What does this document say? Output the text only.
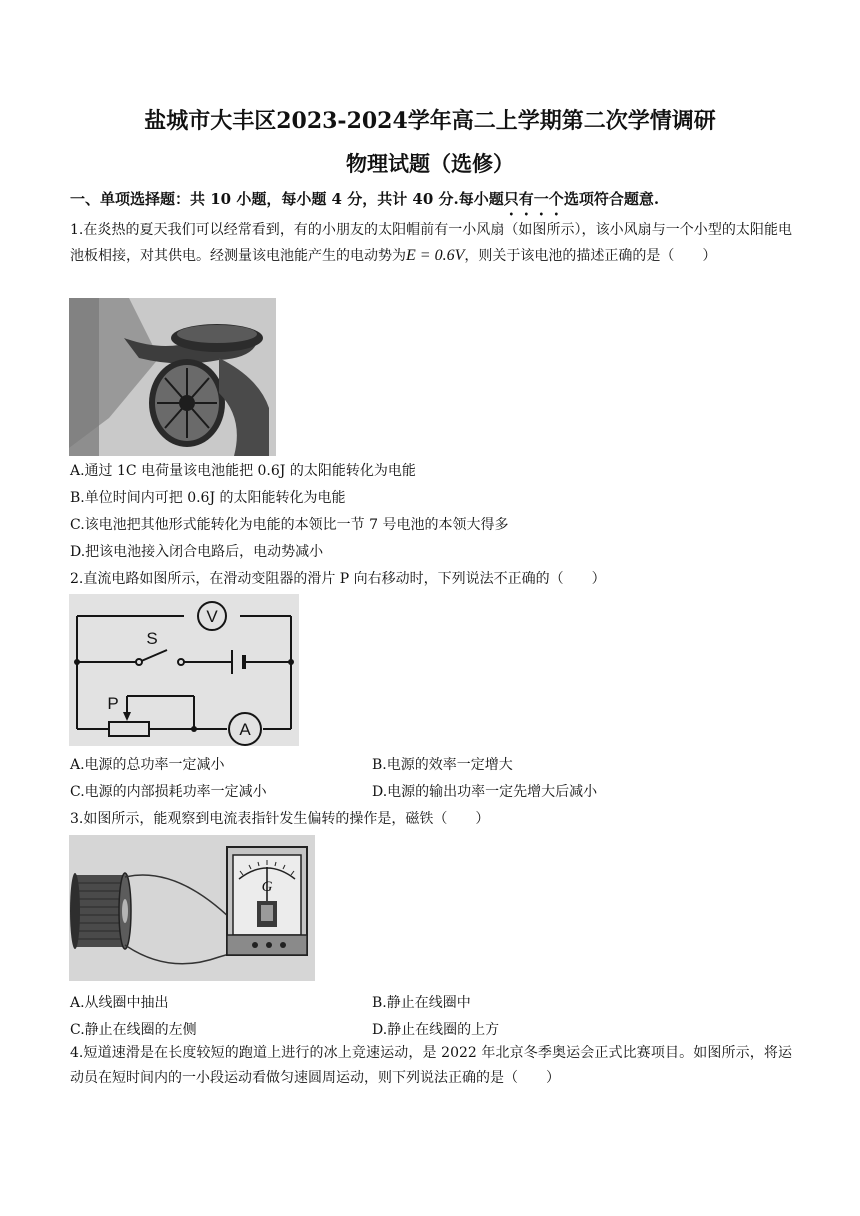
盐城市大丰区2023-2024学年高二上学期第二次学情调研
物理试题（选修）
一、单项选择题：共 10 小题，每小题 4 分，共计 40 分.每小题只有一个选项符合题意.
1.在炎热的夏天我们可以经常看到，有的小朋友的太阳帽前有一小风扇（如图所示），该小风扇与一个小型的太阳能电池板相接，对其供电。经测量该电池能产生的电动势为E = 0.6V，则关于该电池的描述正确的是（　　）
A.通过 1C 电荷量该电池能把 0.6J 的太阳能转化为电能
B.单位时间内可把 0.6J 的太阳能转化为电能
C.该电池把其他形式能转化为电能的本领比一节 7 号电池的本领大得多
D.把该电池接入闭合电路后，电动势减小
2.直流电路如图所示，在滑动变阻器的滑片 P 向右移动时，下列说法不正确的（　　）
V
S
P
A
A.电源的总功率一定减小	B.电源的效率一定增大
C.电源的内部损耗功率一定减小	D.电源的输出功率一定先增大后减小
3.如图所示，能观察到电流表指针发生偏转的操作是，磁铁（　　）
G
A.从线圈中抽出	B.静止在线圈中
C.静止在线圈的左侧	D.静止在线圈的上方
4.短道速滑是在长度较短的跑道上进行的冰上竞速运动，是 2022 年北京冬季奥运会正式比赛项目。如图所示，将运动员在短时间内的一小段运动看做匀速圆周运动，则下列说法正确的是（　　）
